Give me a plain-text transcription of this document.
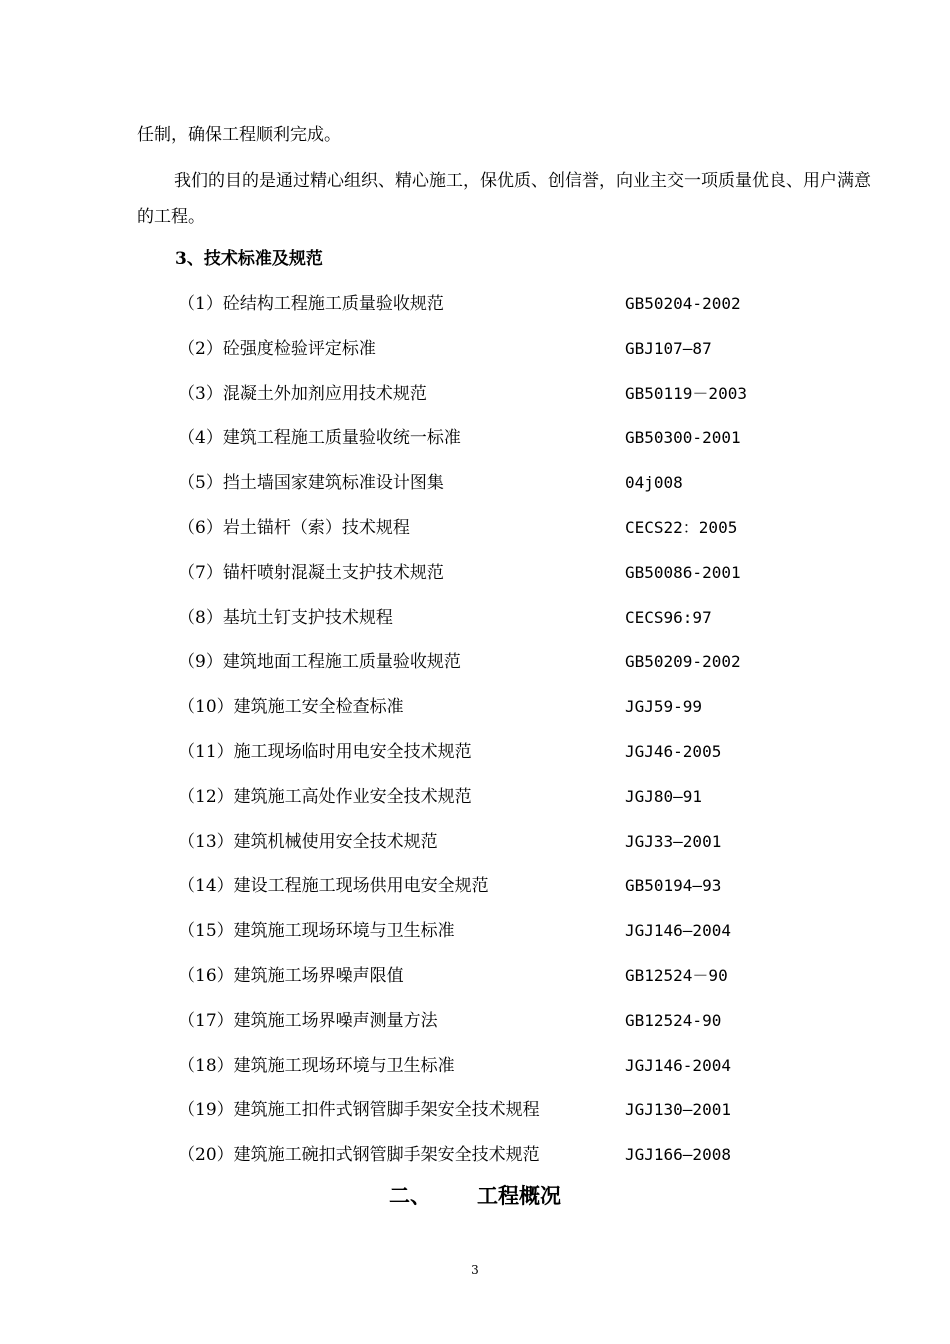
任制，确保工程顺利完成。

我们的目的是通过精心组织、精心施工，保优质、创信誉，向业主交一项质量优良、用户满意的工程。

3、技术标准及规范

（1）砼结构工程施工质量验收规范	GB50204-2002
（2）砼强度检验评定标准	GBJ107—87
（3）混凝土外加剂应用技术规范	GB50119－2003
（4）建筑工程施工质量验收统一标准	GB50300-2001
（5）挡土墙国家建筑标准设计图集	04j008
（6）岩土锚杆（索）技术规程	CECS22：2005
（7）锚杆喷射混凝土支护技术规范	GB50086-2001
（8）基坑土钉支护技术规程	CECS96:97
（9）建筑地面工程施工质量验收规范	GB50209-2002
（10）建筑施工安全检查标准	JGJ59-99
（11）施工现场临时用电安全技术规范	JGJ46-2005
（12）建筑施工高处作业安全技术规范	JGJ80—91
（13）建筑机械使用安全技术规范	JGJ33—2001
（14）建设工程施工现场供用电安全规范	GB50194—93
（15）建筑施工现场环境与卫生标准	JGJ146—2004
（16）建筑施工场界噪声限值	GB12524－90
（17）建筑施工场界噪声测量方法	GB12524-90
（18）建筑施工现场环境与卫生标准	JGJ146-2004
（19）建筑施工扣件式钢管脚手架安全技术规程	JGJ130—2001
（20）建筑施工碗扣式钢管脚手架安全技术规范	JGJ166—2008

二、 工程概况

3
